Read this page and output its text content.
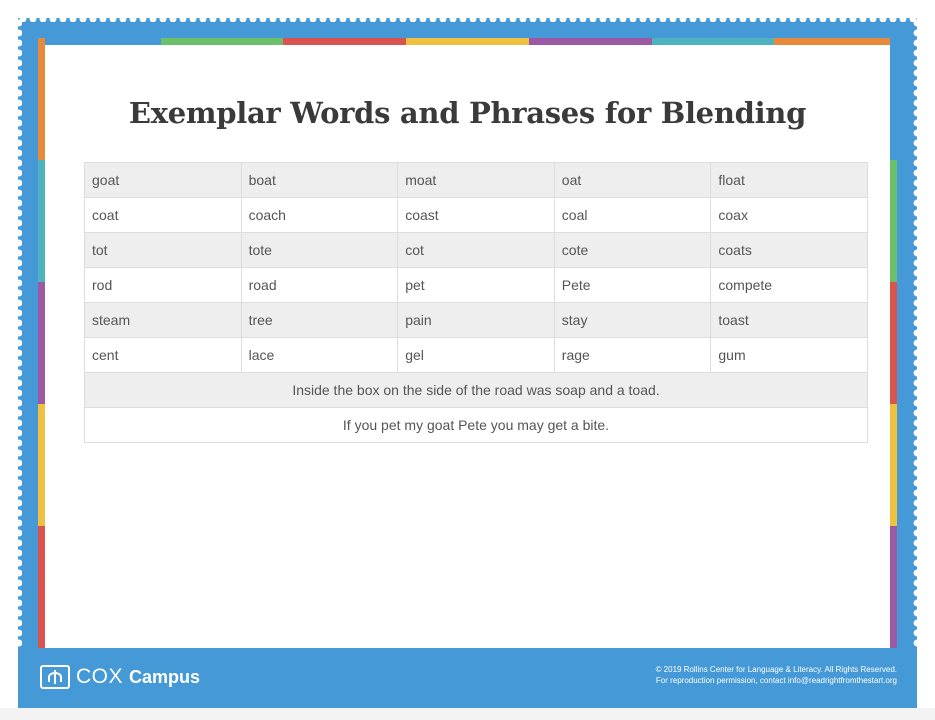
Exemplar Words and Phrases for Blending
goat	boat	moat	oat	float
coat	coach	coast	coal	coax
tot	tote	cot	cote	coats
rod	road	pet	Pete	compete
steam	tree	pain	stay	toast
cent	lace	gel	rage	gum
Inside the box on the side of the road was soap and a toad.				
If you pet my goat Pete you may get a bite.				
COX Campus	© 2019 Rollins Center for Language & Literacy. All Rights Reserved.
For reproduction permission, contact info@readrightfromthestart.org
